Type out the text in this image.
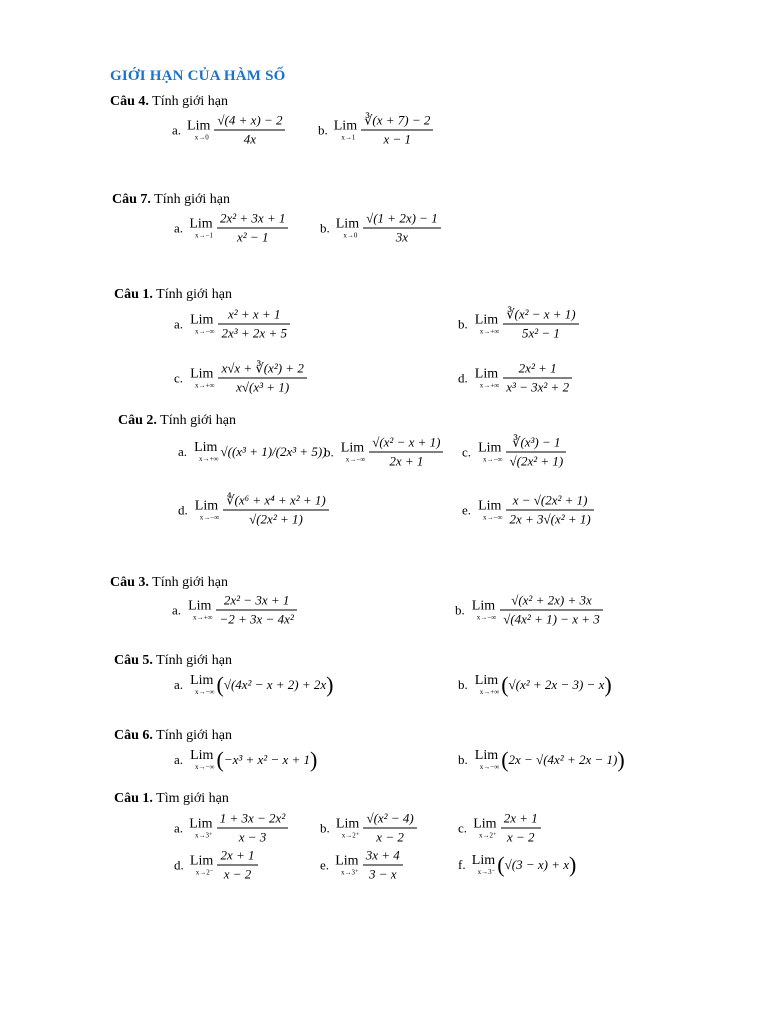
GIỚI HẠN CỦA HÀM SỐ
Câu 4. Tính giới hạn
a. Lim
$x\to 0 \frac{√(4 + x) - 2}{4x}$	b. Lim
$x\to 1 \frac{∛(x + 7) - 2}{x - 1}$
Câu 7. Tính giới hạn
a. Lim
$x\to-1 \frac{\text{2x² + 3x + 1}}{\text{x² − 1}} b$. Lim
$x\to 0 \frac{√(1 + 2x) - 1}{3x}$
Câu 1. Tính giới hạn
a. Lim
$x\to-\infty \frac{\text{x² + x + 1}}{\text{2x³ + 2x + 5}}$	b. Lim
$x\to+\infty \frac{\text{∛(x² − x + 1)}}{\text{5x² − 1}}$
c. Lim
$x\to+\infty \frac{\text{x√x + ∛(x²) + 2}}{\text{x√(x³ + 1)}}$	d. Lim
$x\to+\infty \frac{\text{2x² + 1}}{\text{x³ − 3x² + 2}}$
Câu 2. Tính giới hạn
a. Lim
x→+∞ √((x³ + 1)/(2x³ + 5))
b. Lim
$x\to-\infty \frac{\text{√(x² − x + 1)}}{2x + 1} c$. Lim
$x\to-\infty \frac{\text{∛(x³) − 1}}{\text{√(2x² + 1)}}$
d. Lim
$x\to-\infty \frac{\text{∜(x⁶ + x⁴ + x² + 1)}}{\text{√(2x² + 1)}}$	e. Lim
$x\to-\infty \frac{\text{x − √(2x² + 1)}}{\text{2x + 3√(x² + 1)}}$
Câu 3. Tính giới hạn
a. Lim
$x\to+\infty \frac{\text{2x² − 3x + 1}}{\text{−2 + 3x − 4x²}}$	b. Lim
$x\to-\infty \frac{\text{√(x² + 2x) + 3x}}{\text{√(4x² + 1) − x + 3}}$
Câu 5. Tính giới hạn
a. Lim
x→−∞ ( √(4x² − x + 2) + 2x )	b. Lim
x→+∞ ( √(x² + 2x − 3) − x )
Câu 6. Tính giới hạn
a. Lim
x→−∞ ( −x³ + x² − x + 1 )	b. Lim
x→−∞ ( 2x − √(4x² + 2x − 1) )
Câu 1. Tìm giới hạn
a. Lim
$x\to 3^+ \frac{\text{1 + 3x − 2x²}}{x - 3} b$. Lim
$x\to 2^+ \frac{\text{√(x² − 4)}}{x - 2}$	c. Lim
$x\to 2^+ \frac{2x + 1}{x - 2}$
d. Lim
$x\to 2^- \frac{2x + 1}{x - 2}$	e. Lim
$x\to 3^+ \frac{3x + 4}{3 - x}$	f. Lim
x→3⁻ ( √(3 − x) + x )
